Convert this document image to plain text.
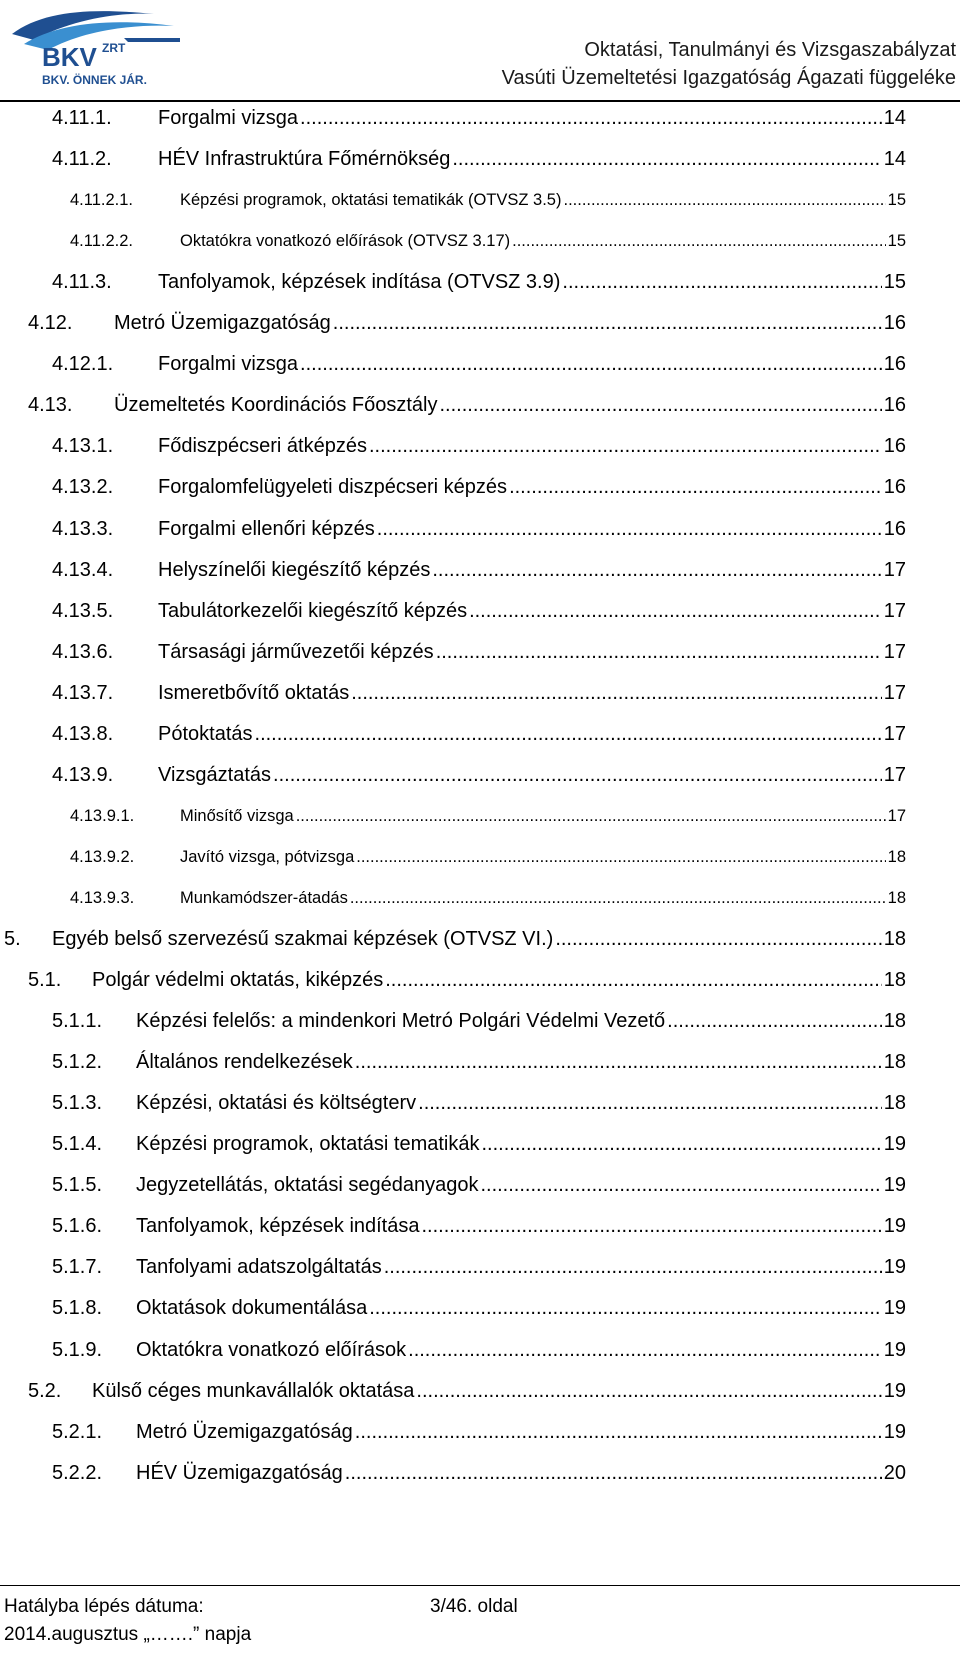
BKV ZRT
BKV. ÖNNEK JÁR.
Oktatási, Tanulmányi és Vizsgaszabályzat
Vasúti Üzemeltetési Igazgatóság Ágazati függeléke
4.11.1.	Forgalmi vizsga .....	14
4.11.2.	HÉV Infrastruktúra Főmérnökség .....	14
4.11.2.1.	Képzési programok, oktatási tematikák (OTVSZ 3.5) .....	15
4.11.2.2.	Oktatókra vonatkozó előírások (OTVSZ 3.17) .....	15
4.11.3.	Tanfolyamok, képzések indítása (OTVSZ 3.9) .....	15
4.12.	Metró Üzemigazgatóság .....	16
4.12.1.	Forgalmi vizsga .....	16
4.13.	Üzemeltetés Koordinációs Főosztály .....	16
4.13.1.	Fődiszpécseri átképzés .....	16
4.13.2.	Forgalomfelügyeleti diszpécseri képzés .....	16
4.13.3.	Forgalmi ellenőri képzés .....	16
4.13.4.	Helyszínelői kiegészítő képzés .....	17
4.13.5.	Tabulátorkezelői kiegészítő képzés .....	17
4.13.6.	Társasági járművezetői képzés .....	17
4.13.7.	Ismeretbővítő oktatás .....	17
4.13.8.	Pótoktatás .....	17
4.13.9.	Vizsgáztatás .....	17
4.13.9.1.	Minősítő vizsga .....	17
4.13.9.2.	Javító vizsga, pótvizsga .....	18
4.13.9.3.	Munkamódszer-átadás .....	18
5.	Egyéb belső szervezésű szakmai képzések (OTVSZ VI.) .....	18
5.1.	Polgár védelmi oktatás, kiképzés .....	18
5.1.1.	Képzési felelős: a mindenkori Metró Polgári Védelmi Vezető .....	18
5.1.2.	Általános rendelkezések .....	18
5.1.3.	Képzési, oktatási és költségterv .....	18
5.1.4.	Képzési programok, oktatási tematikák .....	19
5.1.5.	Jegyzetellátás, oktatási segédanyagok .....	19
5.1.6.	Tanfolyamok, képzések indítása .....	19
5.1.7.	Tanfolyami adatszolgáltatás .....	19
5.1.8.	Oktatások dokumentálása .....	19
5.1.9.	Oktatókra vonatkozó előírások .....	19
5.2.	Külső céges munkavállalók oktatása .....	19
5.2.1.	Metró Üzemigazgatóság .....	19
5.2.2.	HÉV Üzemigazgatóság .....	20
Hatályba lépés dátuma:
2014.augusztus „…….” napja
3/46. oldal
